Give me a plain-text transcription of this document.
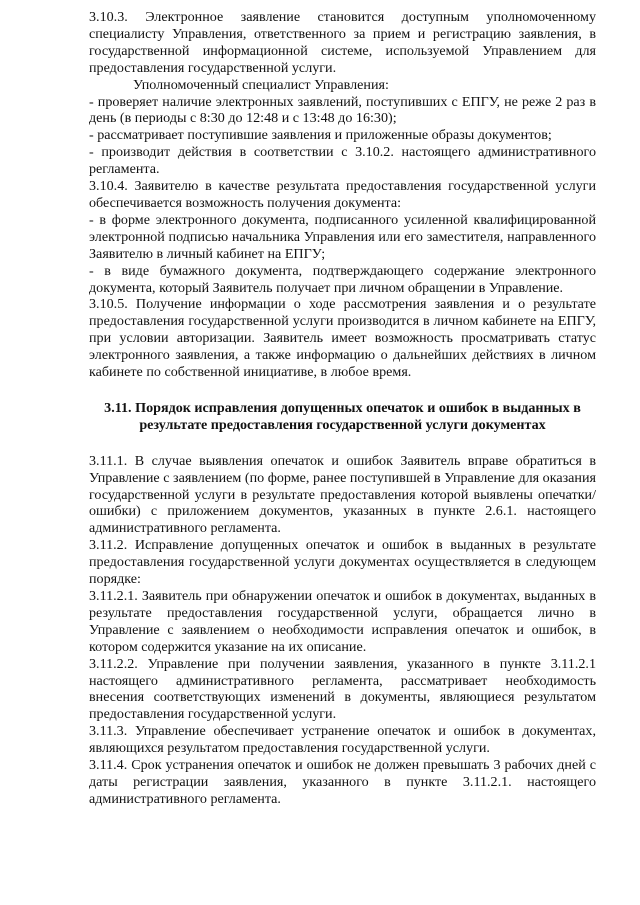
3.10.3. Электронное заявление становится доступным уполномоченному специалисту Управления, ответственного за прием и регистрацию заявления, в государственной информационной системе, используемой Управлением для предоставления государственной услуги.

Уполномоченный специалист Управления:

- проверяет наличие электронных заявлений, поступивших с ЕПГУ, не реже 2 раз в день (в периоды с 8:30 до 12:48 и с 13:48 до 16:30);

- рассматривает поступившие заявления и приложенные образы документов;

- производит действия в соответствии с 3.10.2. настоящего административного регламента.

3.10.4. Заявителю в качестве результата предоставления государственной услуги обеспечивается возможность получения документа:

- в форме электронного документа, подписанного усиленной квалифицированной электронной подписью начальника Управления или его заместителя, направленного Заявителю в личный кабинет на ЕПГУ;

- в виде бумажного документа, подтверждающего содержание электронного документа, который Заявитель получает при личном обращении в Управление.

3.10.5. Получение информации о ходе рассмотрения заявления и о результате предоставления государственной услуги производится в личном кабинете на ЕПГУ, при условии авторизации. Заявитель имеет возможность просматривать статус электронного заявления, а также информацию о дальнейших действиях в личном кабинете по собственной инициативе, в любое время.

3.11. Порядок исправления допущенных опечаток и ошибок в выданных в результате предоставления государственной услуги документах

3.11.1. В случае выявления опечаток и ошибок Заявитель вправе обратиться в Управление с заявлением (по форме, ранее поступившей в Управление для оказания государственной услуги в результате предоставления которой выявлены опечатки/ошибки) с приложением документов, указанных в пункте 2.6.1. настоящего административного регламента.

3.11.2. Исправление допущенных опечаток и ошибок в выданных в результате предоставления государственной услуги документах осуществляется в следующем порядке:

3.11.2.1. Заявитель при обнаружении опечаток и ошибок в документах, выданных в результате предоставления государственной услуги, обращается лично в Управление с заявлением о необходимости исправления опечаток и ошибок, в котором содержится указание на их описание.

3.11.2.2. Управление при получении заявления, указанного в пункте 3.11.2.1 настоящего административного регламента, рассматривает необходимость внесения соответствующих изменений в документы, являющиеся результатом предоставления государственной услуги.

3.11.3. Управление обеспечивает устранение опечаток и ошибок в документах, являющихся результатом предоставления государственной услуги.

3.11.4. Срок устранения опечаток и ошибок не должен превышать 3 рабочих дней с даты регистрации заявления, указанного в пункте 3.11.2.1. настоящего административного регламента.
